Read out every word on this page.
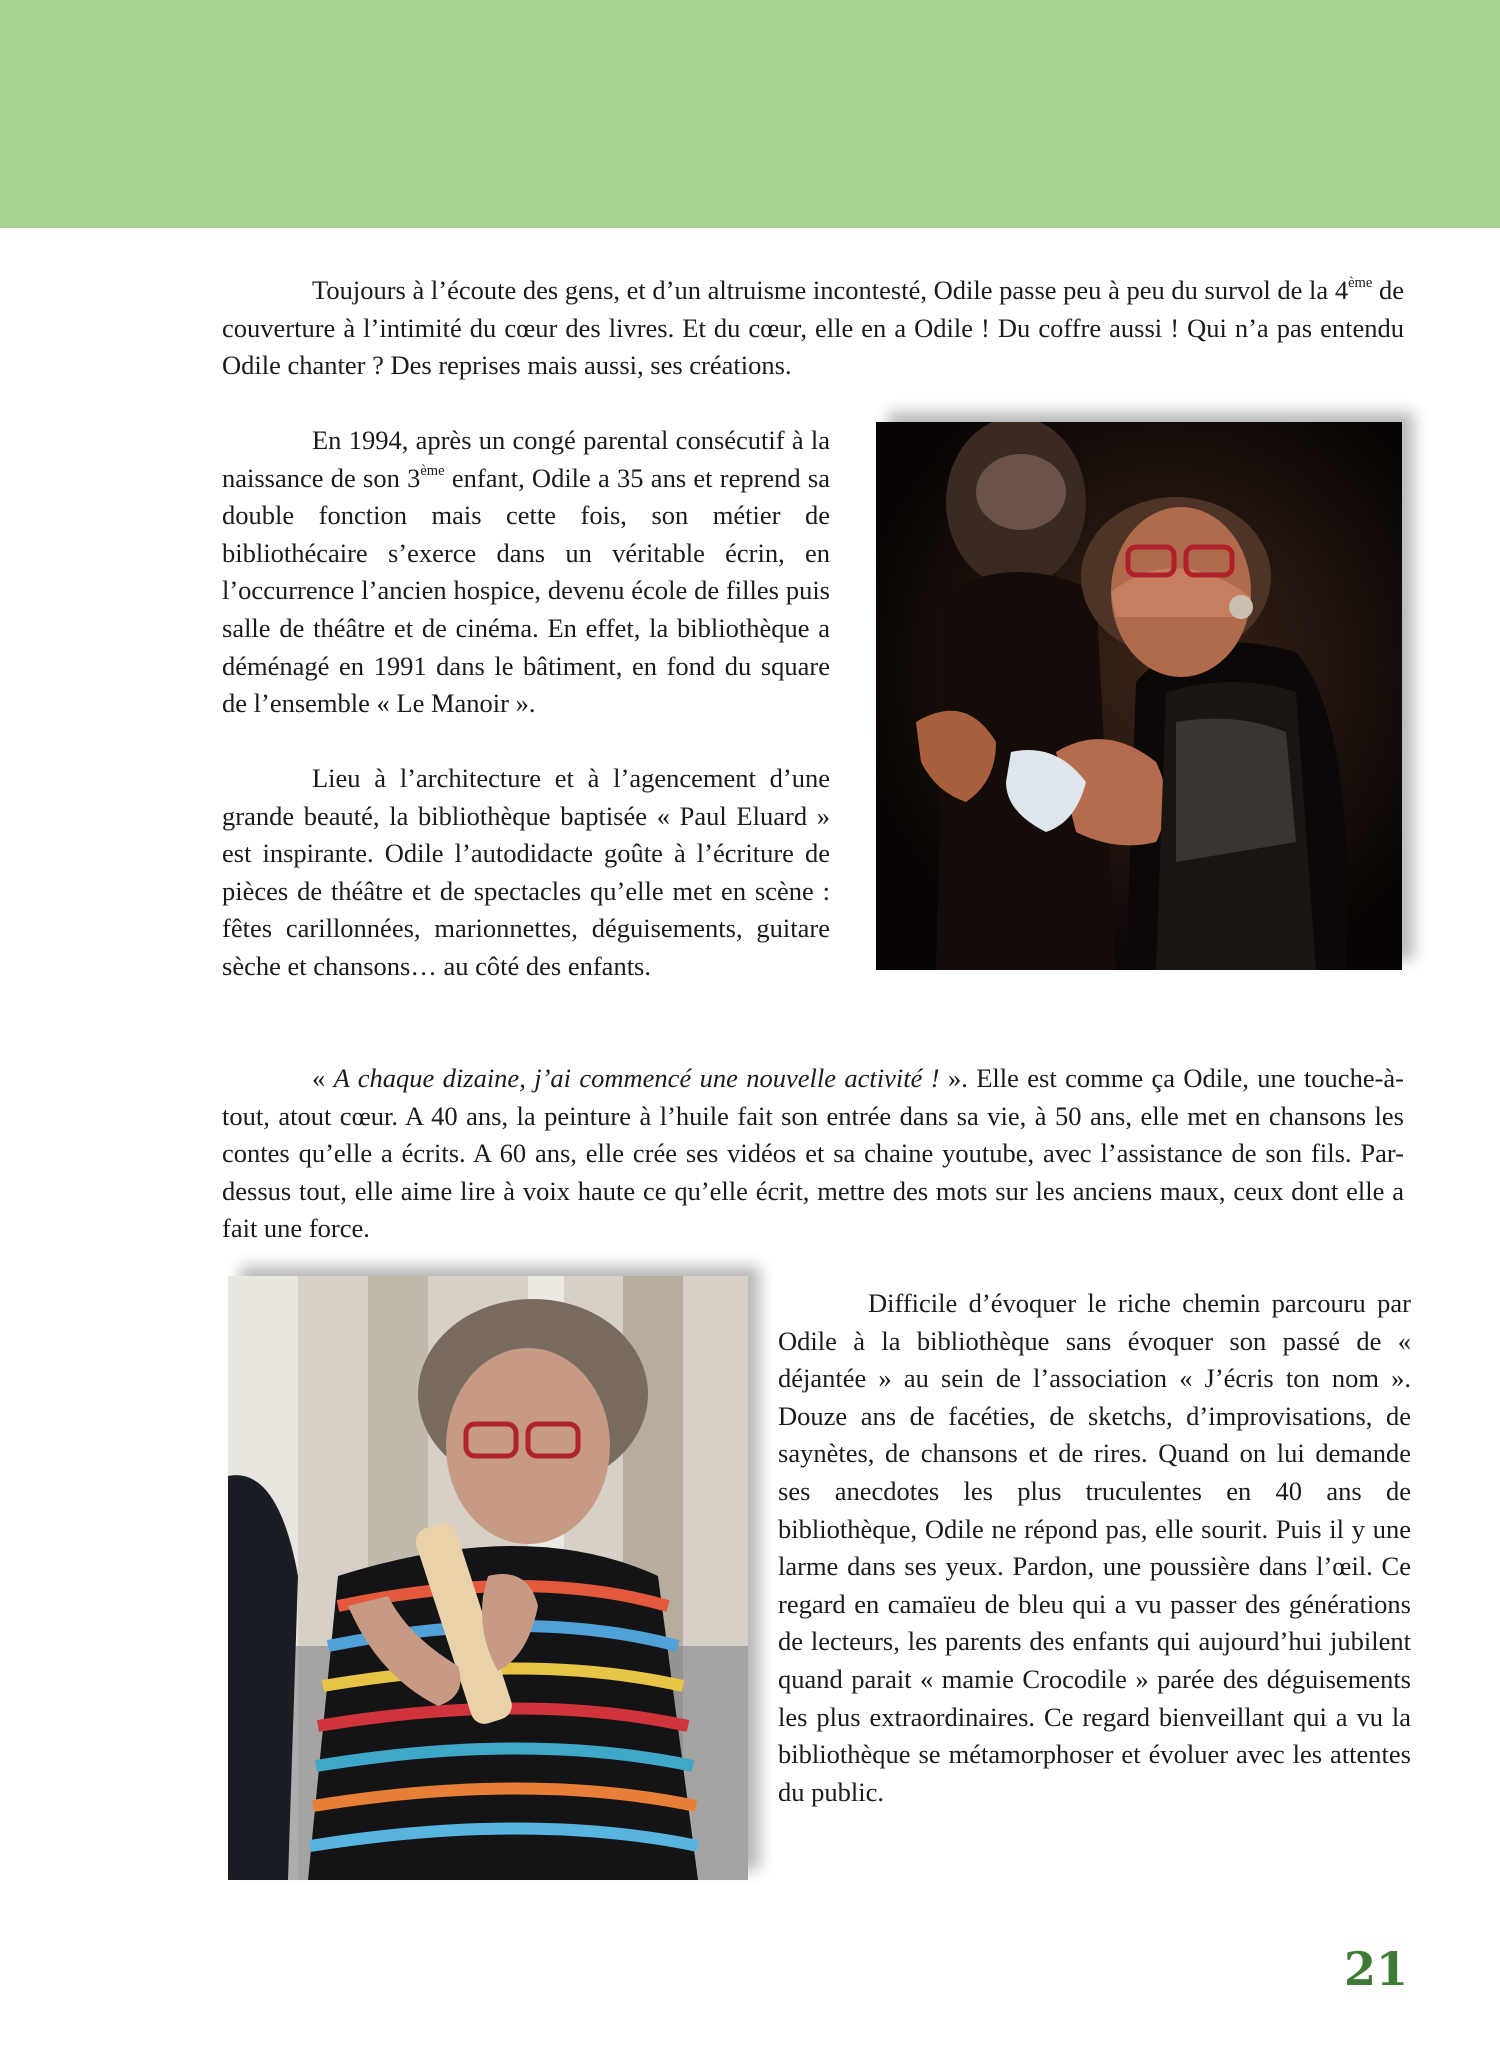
Toujours à l’écoute des gens, et d’un altruisme incontesté, Odile passe peu à peu du survol de la 4ème de couverture à l’intimité du cœur des livres. Et du cœur, elle en a Odile ! Du coffre aussi ! Qui n’a pas entendu Odile chanter ? Des reprises mais aussi, ses créations.

En 1994, après un congé parental consécutif à la naissance de son 3ème enfant, Odile a 35 ans et reprend sa double fonction mais cette fois, son métier de bibliothécaire s’exerce dans un véritable écrin, en l’occurrence l’ancien hospice, devenu école de filles puis salle de théâtre et de cinéma. En effet, la bibliothèque a déménagé en 1991 dans le bâtiment, en fond du square de l’ensemble « Le Manoir ».

Lieu à l’architecture et à l’agencement d’une grande beauté, la bibliothèque baptisée « Paul Eluard » est inspirante. Odile l’autodidacte goûte à l’écriture de pièces de théâtre et de spectacles qu’elle met en scène : fêtes carillonnées, marionnettes, déguisements, guitare sèche et chansons… au côté des enfants.

« A chaque dizaine, j’ai commencé une nouvelle activité ! ». Elle est comme ça Odile, une touche-à-tout, atout cœur. A 40 ans, la peinture à l’huile fait son entrée dans sa vie, à 50 ans, elle met en chansons les contes qu’elle a écrits. A 60 ans, elle crée ses vidéos et sa chaine youtube, avec l’assistance de son fils. Par-dessus tout, elle aime lire à voix haute ce qu’elle écrit, mettre des mots sur les anciens maux, ceux dont elle a fait une force.

Difficile d’évoquer le riche chemin parcouru par Odile à la bibliothèque sans évoquer son passé de « déjantée » au sein de l’association « J’écris ton nom ». Douze ans de facéties, de sketchs, d’improvisations, de saynètes, de chansons et de rires. Quand on lui demande ses anecdotes les plus truculentes en 40 ans de bibliothèque, Odile ne répond pas, elle sourit. Puis il y une larme dans ses yeux. Pardon, une poussière dans l’œil. Ce regard en camaïeu de bleu qui a vu passer des générations de lecteurs, les parents des enfants qui aujourd’hui jubilent quand parait « mamie Crocodile » parée des déguisements les plus extraordinaires. Ce regard bienveillant qui a vu la bibliothèque se métamorphoser et évoluer avec les attentes du public.

21
